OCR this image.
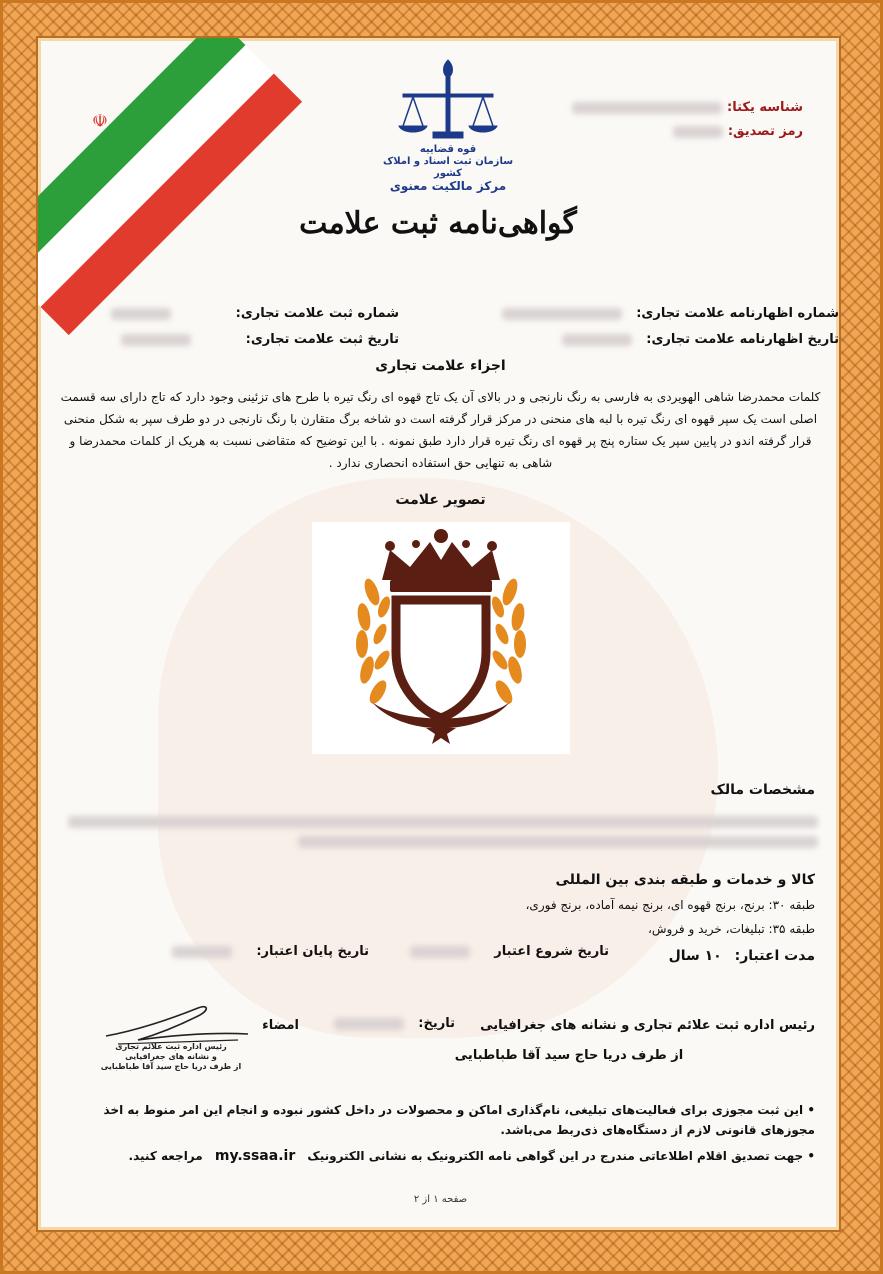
☫
شناسه یکتا:
رمز تصدیق:
قوه قضاییه
سازمان ثبت اسناد و املاک کشور
مرکز مالکیت معنوی
گواهی‌نامه ثبت علامت
شماره اظهارنامه علامت تجاری:
تاریخ اظهارنامه علامت تجاری:
شماره ثبت علامت تجاری:
تاریخ ثبت علامت تجاری:
اجزاء علامت تجاری
کلمات محمدرضا شاهی الهویردی به فارسی به رنگ نارنجی و در بالای آن یک تاج قهوه ای رنگ تیره با طرح های تزئینی وجود دارد که تاج دارای سه قسمت اصلی است یک سپر قهوه ای رنگ تیره با لبه های منحنی در مرکز قرار گرفته است دو شاخه برگ متقارن با رنگ نارنجی در دو طرف سپر به شکل منحنی قرار گرفته اندو در پایین سپر یک ستاره پنج پر قهوه ای رنگ تیره قرار دارد طبق نمونه . با این توضیح که متقاضی نسبت به هریک از کلمات محمدرضا و شاهی به تنهایی حق استفاده انحصاری ندارد .
تصویر علامت
مشخصات مالک
کالا و خدمات و طبقه بندی بین المللی
طبقه ۳۰: برنج، برنج قهوه ای، برنج نیمه آماده، برنج فوری،
طبقه ۳۵: تبلیغات، خرید و فروش،
مدت اعتبار: ۱۰ سال
تاریخ شروع اعتبار
تاریخ پایان اعتبار:
رئیس اداره ثبت علائم تجاری و نشانه های جغرافیایی
تاریخ:
امضاء
از طرف دریا حاج سید آقا طباطبایی
رئیس اداره ثبت علائم تجاری
و نشانه های جغرافیایی
از طرف دریا حاج سید آقا طباطبایی

• این ثبت مجوزی برای فعالیت‌های تبلیغی، نام‌گذاری اماکن و محصولات در داخل کشور نبوده و انجام این امر منوط به اخذ مجوزهای قانونی لازم از دستگاه‌های ذی‌ربط می‌باشد.

• جهت تصدیق اقلام اطلاعاتی مندرج در این گواهی نامه الکترونیک به نشانی الکترونیک my.ssaa.ir مراجعه کنید.

صفحه ۱ از ۲
